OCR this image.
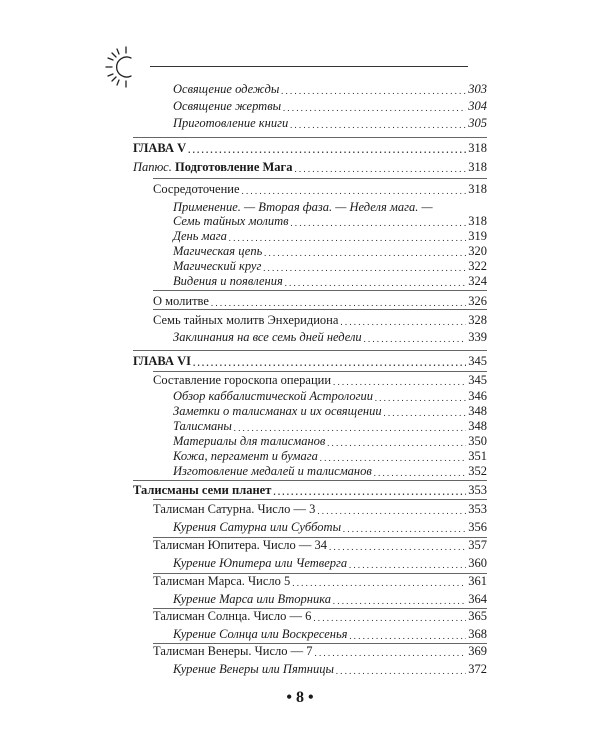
Освящение одежды .....	303
Освящение жертвы .....	304
Приготовление книги .....	305
ГЛАВА V .....	318
Папюс. Подготовление Мага .....	318
Сосредоточение .....	318
Применение. — Вторая фаза. — Неделя мага. —
Семь тайных молитв .....	318
День мага .....	319
Магическая цепь .....	320
Магический круг .....	322
Видения и появления .....	324
О молитве .....	326
Семь тайных молитв Энхеридиона .....	328
Заклинания на все семь дней недели .....	339
ГЛАВА VI .....	345
Составление гороскопа операции .....	345
Обзор каббалистической Астрологии .....	346
Заметки о талисманах и их освящении .....	348
Талисманы .....	348
Материалы для талисманов .....	350
Кожа, пергамент и бумага .....	351
Изготовление медалей и талисманов .....	352
Талисманы семи планет .....	353
Талисман Сатурна. Число — 3 .....	353
Курения Сатурна или Субботы .....	356
Талисман Юпитера. Число — 34 .....	357
Курение Юпитера или Четверга .....	360
Талисман Марса. Число 5 .....	361
Курение Марса или Вторника .....	364
Талисман Солнца. Число — 6 .....	365
Курение Солнца или Воскресенья .....	368
Талисман Венеры. Число — 7 .....	369
Курение Венеры или Пятницы .....	372
• 8 •
